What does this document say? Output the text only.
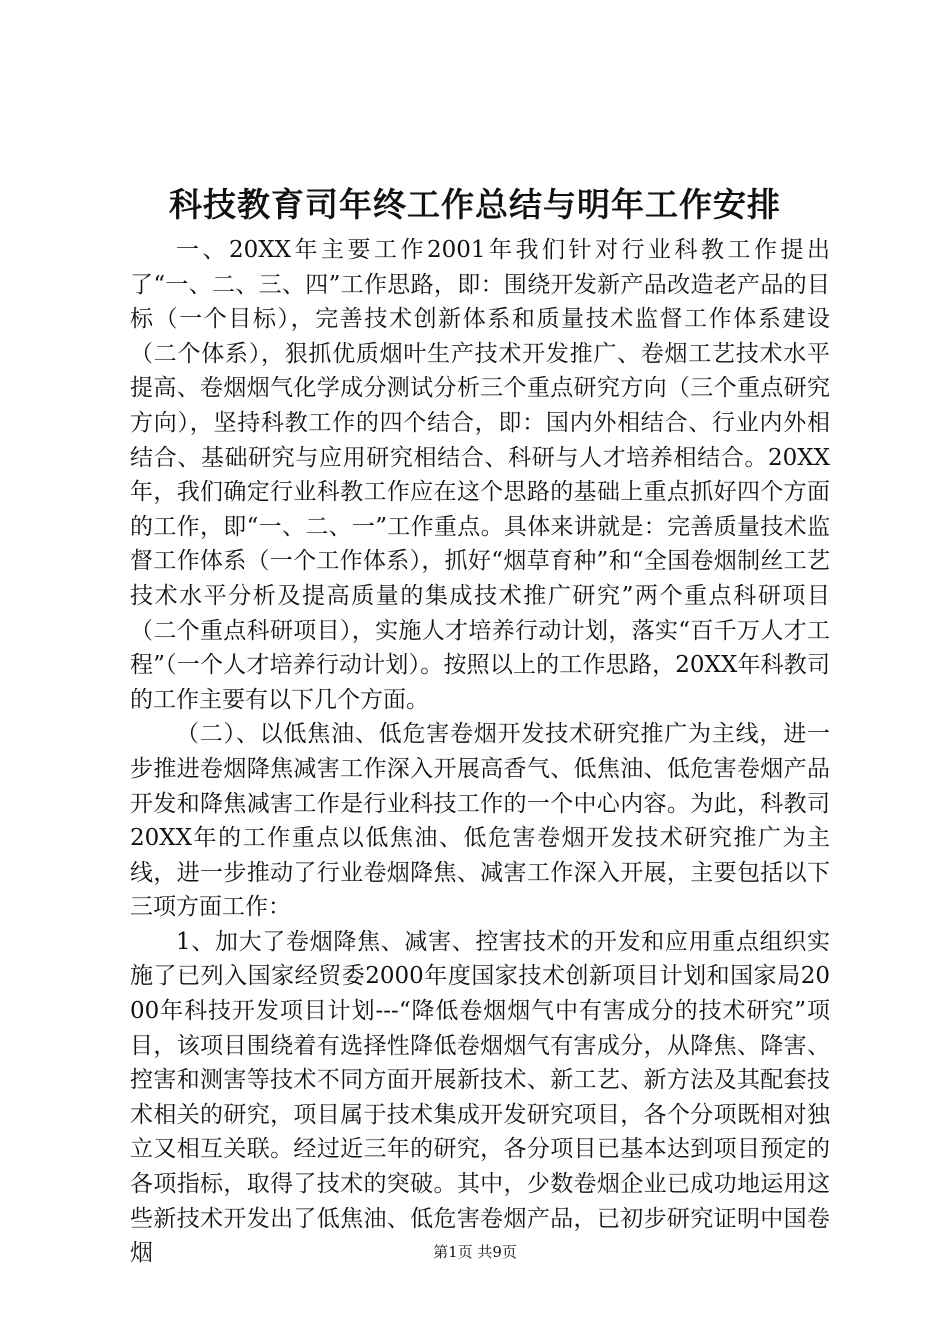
科技教育司年终工作总结与明年工作安排

一、20XX年主要工作2001年我们针对行业科教工作提出了“一、二、三、四”工作思路，即：围绕开发新产品改造老产品的目标（一个目标），完善技术创新体系和质量技术监督工作体系建设（二个体系），狠抓优质烟叶生产技术开发推广、卷烟工艺技术水平提高、卷烟烟气化学成分测试分析三个重点研究方向（三个重点研究方向），坚持科教工作的四个结合，即：国内外相结合、行业内外相结合、基础研究与应用研究相结合、科研与人才培养相结合。20XX年，我们确定行业科教工作应在这个思路的基础上重点抓好四个方面的工作，即“一、二、一”工作重点。具体来讲就是：完善质量技术监督工作体系（一个工作体系），抓好“烟草育种”和“全国卷烟制丝工艺技术水平分析及提高质量的集成技术推广研究”两个重点科研项目（二个重点科研项目），实施人才培养行动计划，落实“百千万人才工程”（一个人才培养行动计划）。按照以上的工作思路，20XX年科教司的工作主要有以下几个方面。

（二）、以低焦油、低危害卷烟开发技术研究推广为主线，进一步推进卷烟降焦减害工作深入开展高香气、低焦油、低危害卷烟产品开发和降焦减害工作是行业科技工作的一个中心内容。为此，科教司20XX年的工作重点以低焦油、低危害卷烟开发技术研究推广为主线，进一步推动了行业卷烟降焦、减害工作深入开展，主要包括以下三项方面工作：

1、加大了卷烟降焦、减害、控害技术的开发和应用重点组织实施了已列入国家经贸委2000年度国家技术创新项目计划和国家局2000年科技开发项目计划---“降低卷烟烟气中有害成分的技术研究”项目，该项目围绕着有选择性降低卷烟烟气有害成分，从降焦、降害、控害和测害等技术不同方面开展新技术、新工艺、新方法及其配套技术相关的研究，项目属于技术集成开发研究项目，各个分项既相对独立又相互关联。经过近三年的研究，各分项目已基本达到项目预定的各项指标，取得了技术的突破。其中，少数卷烟企业已成功地运用这些新技术开发出了低焦油、低危害卷烟产品，已初步研究证明中国卷烟	第1页 共9页
